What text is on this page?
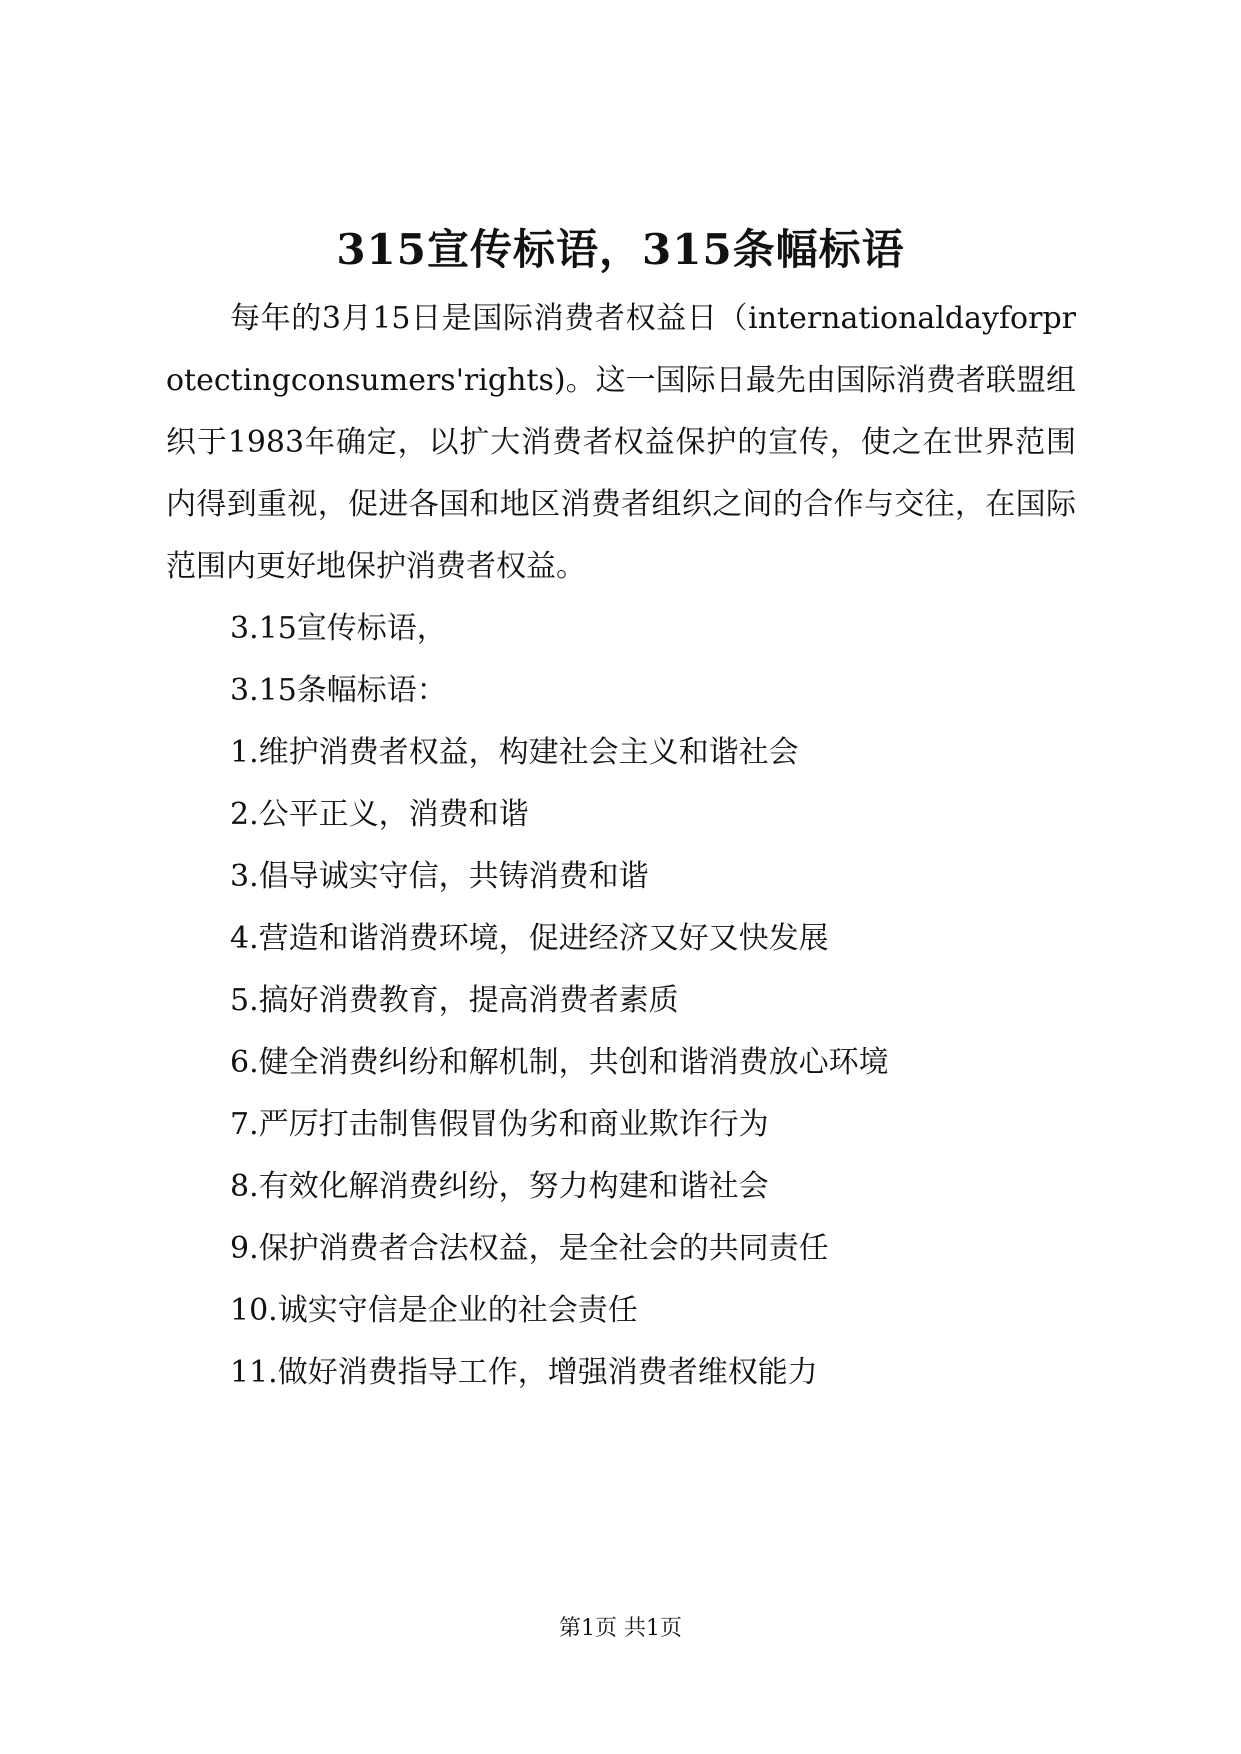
315宣传标语，315条幅标语

每年的3月15日是国际消费者权益日（internationaldayforprotectingconsumers'rights)。这一国际日最先由国际消费者联盟组织于1983年确定，以扩大消费者权益保护的宣传，使之在世界范围内得到重视，促进各国和地区消费者组织之间的合作与交往，在国际范围内更好地保护消费者权益。

3.15宣传标语，

3.15条幅标语：

1.维护消费者权益，构建社会主义和谐社会

2.公平正义，消费和谐

3.倡导诚实守信，共铸消费和谐

4.营造和谐消费环境，促进经济又好又快发展

5.搞好消费教育，提高消费者素质

6.健全消费纠纷和解机制，共创和谐消费放心环境

7.严厉打击制售假冒伪劣和商业欺诈行为

8.有效化解消费纠纷，努力构建和谐社会

9.保护消费者合法权益，是全社会的共同责任

10.诚实守信是企业的社会责任

11.做好消费指导工作，增强消费者维权能力

第1页 共1页
